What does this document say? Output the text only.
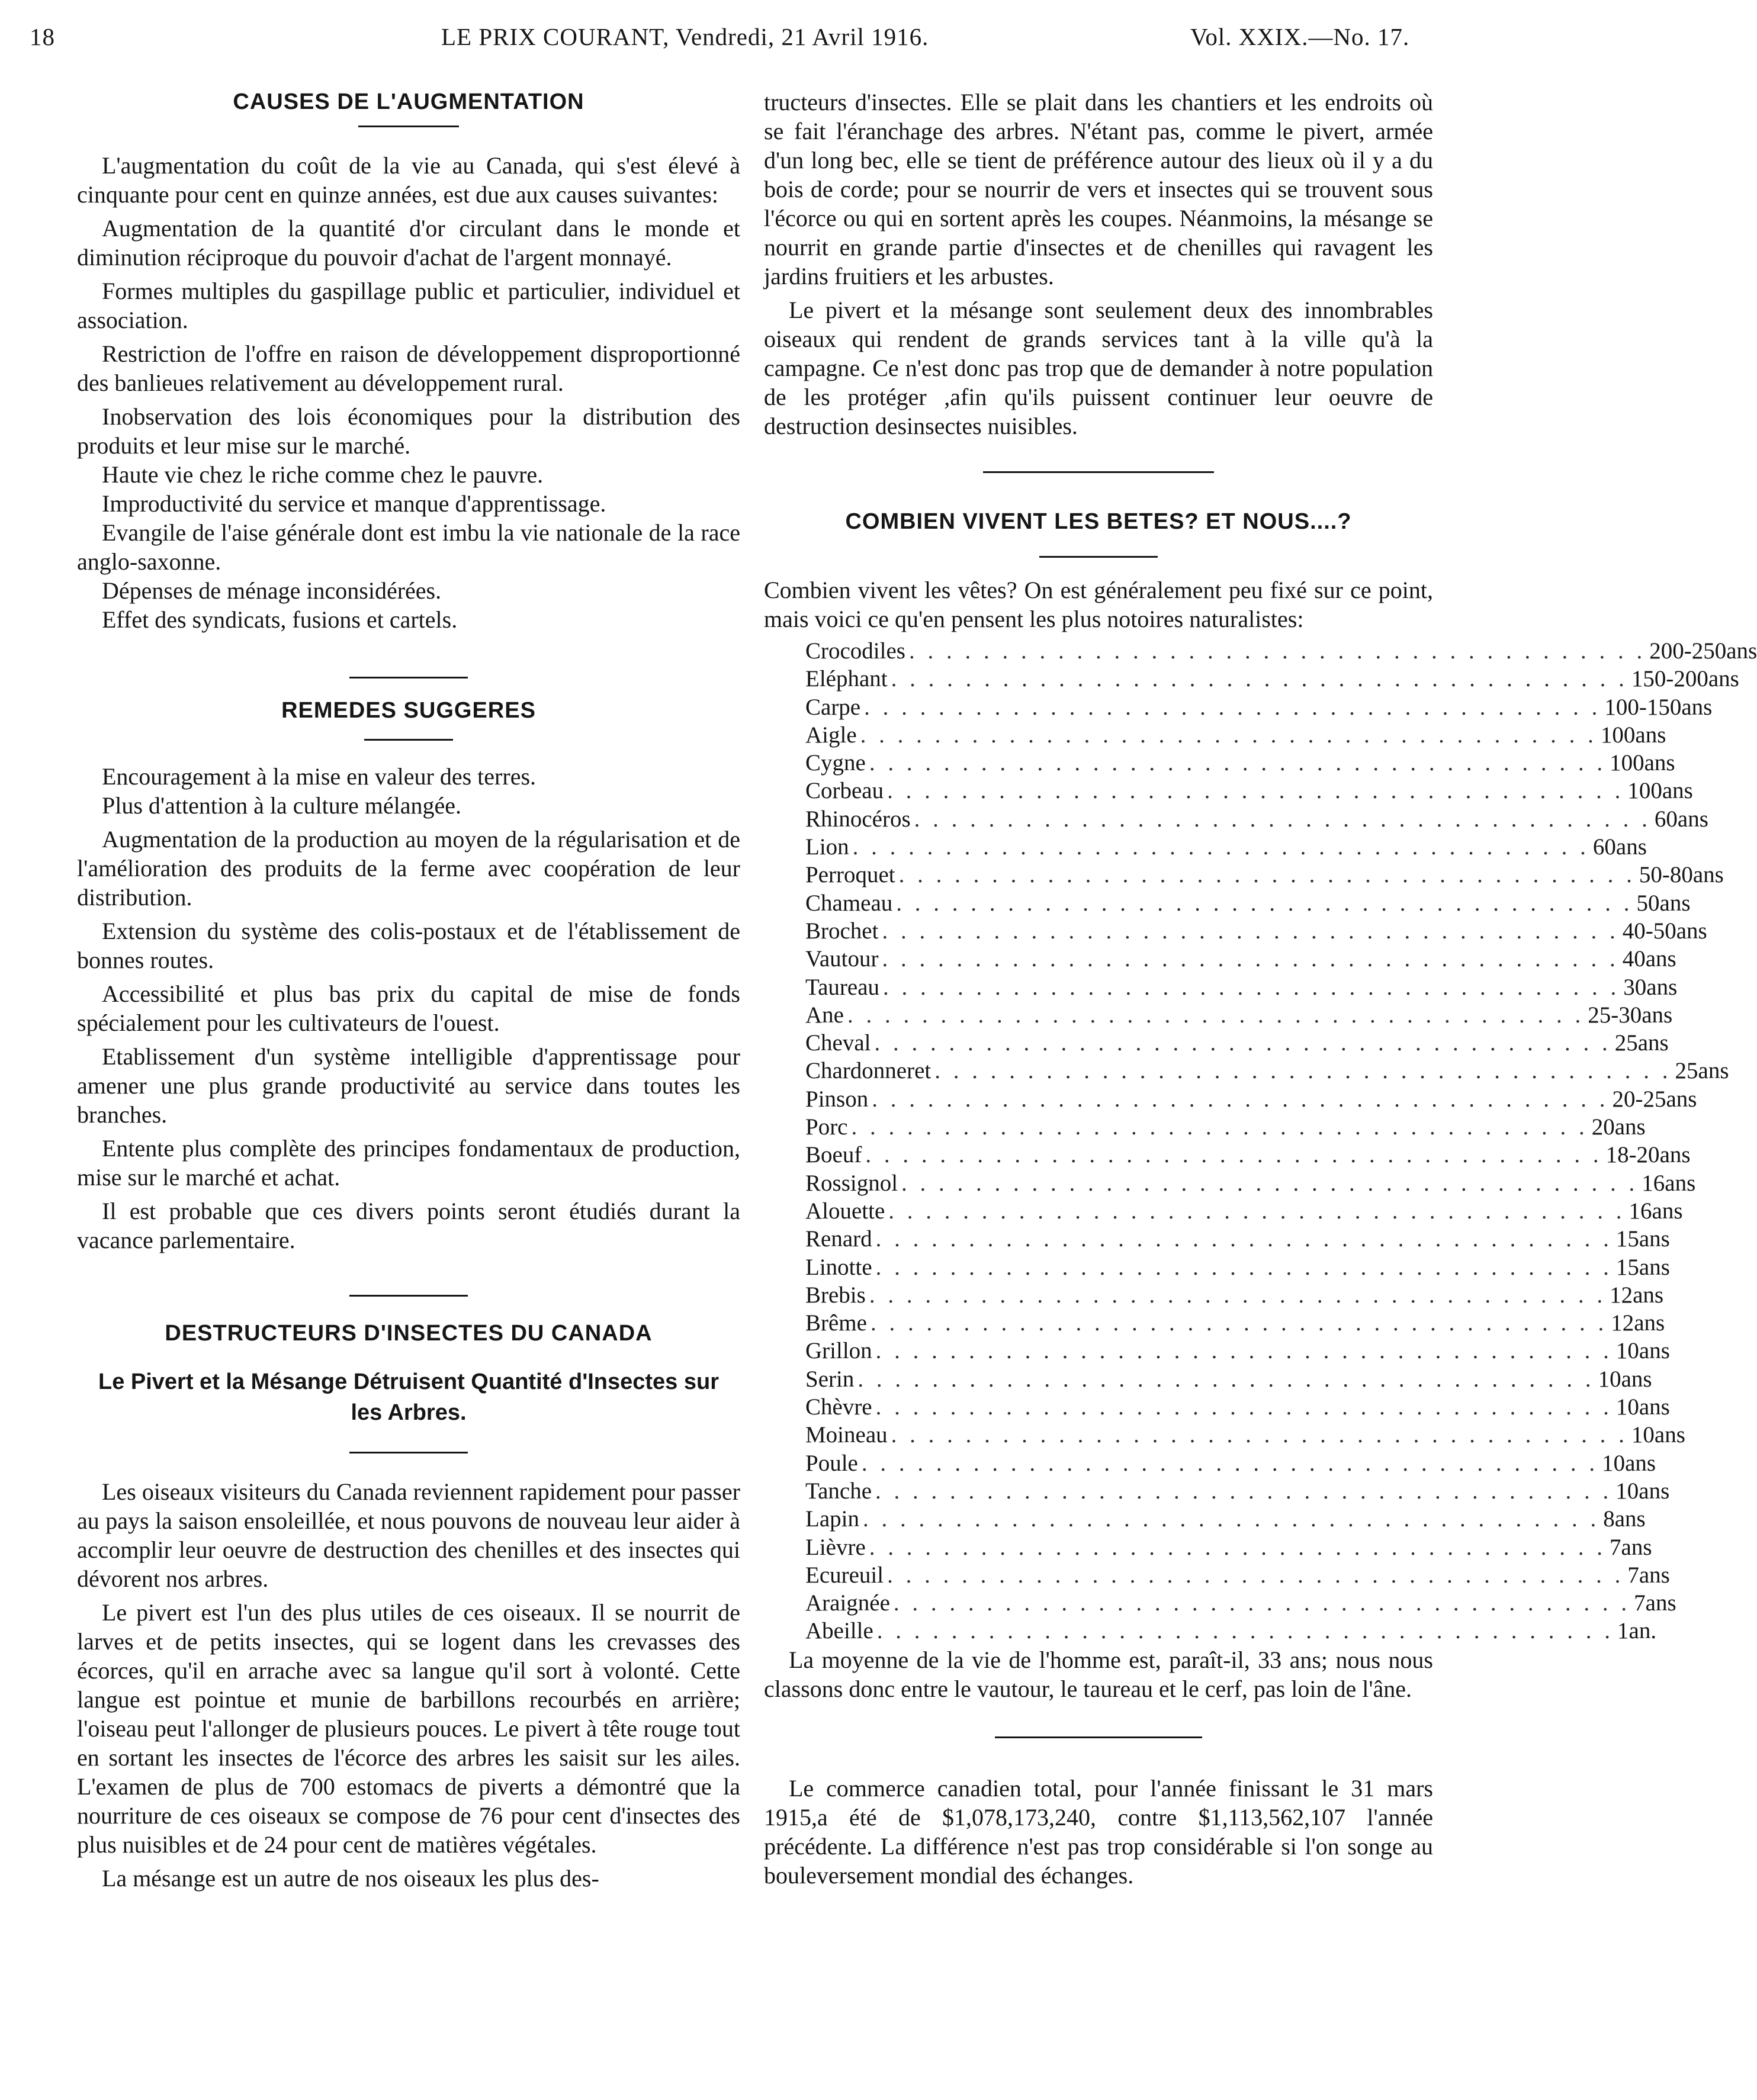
18	LE PRIX COURANT, Vendredi, 21 Avril 1916.	Vol. XXIX.—No. 17.
CAUSES DE L'AUGMENTATION

L'augmentation du coût de la vie au Canada, qui s'est élevé à cinquante pour cent en quinze années, est due aux causes suivantes:

Augmentation de la quantité d'or circulant dans le monde et diminution réciproque du pouvoir d'achat de l'argent monnayé.

Formes multiples du gaspillage public et particulier, individuel et association.

Restriction de l'offre en raison de développement disproportionné des banlieues relativement au développement rural.

Inobservation des lois économiques pour la distribution des produits et leur mise sur le marché.

Haute vie chez le riche comme chez le pauvre.

Improductivité du service et manque d'apprentissage.

Evangile de l'aise générale dont est imbu la vie nationale de la race anglo-saxonne.

Dépenses de ménage inconsidérées.

Effet des syndicats, fusions et cartels.

REMEDES SUGGERES

Encouragement à la mise en valeur des terres.

Plus d'attention à la culture mélangée.

Augmentation de la production au moyen de la régularisation et de l'amélioration des produits de la ferme avec coopération de leur distribution.

Extension du système des colis-postaux et de l'établissement de bonnes routes.

Accessibilité et plus bas prix du capital de mise de fonds spécialement pour les cultivateurs de l'ouest.

Etablissement d'un système intelligible d'apprentissage pour amener une plus grande productivité au service dans toutes les branches.

Entente plus complète des principes fondamentaux de production, mise sur le marché et achat.

Il est probable que ces divers points seront étudiés durant la vacance parlementaire.

DESTRUCTEURS D'INSECTES DU CANADA
Le Pivert et la Mésange Détruisent Quantité d'Insectes sur les Arbres.

Les oiseaux visiteurs du Canada reviennent rapidement pour passer au pays la saison ensoleillée, et nous pouvons de nouveau leur aider à accomplir leur oeuvre de destruction des chenilles et des insectes qui dévorent nos arbres.

Le pivert est l'un des plus utiles de ces oiseaux. Il se nourrit de larves et de petits insectes, qui se logent dans les crevasses des écorces, qu'il en arrache avec sa langue qu'il sort à volonté. Cette langue est pointue et munie de barbillons recourbés en arrière; l'oiseau peut l'allonger de plusieurs pouces. Le pivert à tête rouge tout en sortant les insectes de l'écorce des arbres les saisit sur les ailes. L'examen de plus de 700 estomacs de piverts a démontré que la nourriture de ces oiseaux se compose de 76 pour cent d'insectes des plus nuisibles et de 24 pour cent de matières végétales.

La mésange est un autre de nos oiseaux les plus des-

tructeurs d'insectes. Elle se plait dans les chantiers et les endroits où se fait l'éranchage des arbres. N'étant pas, comme le pivert, armée d'un long bec, elle se tient de préférence autour des lieux où il y a du bois de corde; pour se nourrir de vers et insectes qui se trouvent sous l'écorce ou qui en sortent après les coupes. Néanmoins, la mésange se nourrit en grande partie d'insectes et de chenilles qui ravagent les jardins fruitiers et les arbustes.

Le pivert et la mésange sont seulement deux des innombrables oiseaux qui rendent de grands services tant à la ville qu'à la campagne. Ce n'est donc pas trop que de demander à notre population de les protéger ,afin qu'ils puissent continuer leur oeuvre de destruction desinsectes nuisibles.

COMBIEN VIVENT LES BETES? ET NOUS....?

Combien vivent les vêtes? On est généralement peu fixé sur ce point, mais voici ce qu'en pensent les plus notoires naturalistes:

Crocodiles . . . . . . . . . . . . . . . . . . . . . . . . . . . . . . . . . . . . . . . . 200-250 ans
Eléphant . . . . . . . . . . . . . . . . . . . . . . . . . . . . . . . . . . . . . . . . 150-200 ans
Carpe . . . . . . . . . . . . . . . . . . . . . . . . . . . . . . . . . . . . . . . . 100-150 ans
Aigle . . . . . . . . . . . . . . . . . . . . . . . . . . . . . . . . . . . . . . . . 100 ans
Cygne . . . . . . . . . . . . . . . . . . . . . . . . . . . . . . . . . . . . . . . . 100 ans
Corbeau . . . . . . . . . . . . . . . . . . . . . . . . . . . . . . . . . . . . . . . . 100 ans
Rhinocéros . . . . . . . . . . . . . . . . . . . . . . . . . . . . . . . . . . . . . . . . 60 ans
Lion . . . . . . . . . . . . . . . . . . . . . . . . . . . . . . . . . . . . . . . . 60 ans
Perroquet . . . . . . . . . . . . . . . . . . . . . . . . . . . . . . . . . . . . . . . . 50-80 ans
Chameau . . . . . . . . . . . . . . . . . . . . . . . . . . . . . . . . . . . . . . . . 50 ans
Brochet . . . . . . . . . . . . . . . . . . . . . . . . . . . . . . . . . . . . . . . . 40-50 ans
Vautour . . . . . . . . . . . . . . . . . . . . . . . . . . . . . . . . . . . . . . . . 40 ans
Taureau . . . . . . . . . . . . . . . . . . . . . . . . . . . . . . . . . . . . . . . . 30 ans
Ane . . . . . . . . . . . . . . . . . . . . . . . . . . . . . . . . . . . . . . . . 25-30 ans
Cheval . . . . . . . . . . . . . . . . . . . . . . . . . . . . . . . . . . . . . . . . 25 ans
Chardonneret . . . . . . . . . . . . . . . . . . . . . . . . . . . . . . . . . . . . . . . . 25 ans
Pinson . . . . . . . . . . . . . . . . . . . . . . . . . . . . . . . . . . . . . . . . 20-25 ans
Porc . . . . . . . . . . . . . . . . . . . . . . . . . . . . . . . . . . . . . . . . 20 ans
Boeuf . . . . . . . . . . . . . . . . . . . . . . . . . . . . . . . . . . . . . . . . 18-20 ans
Rossignol . . . . . . . . . . . . . . . . . . . . . . . . . . . . . . . . . . . . . . . . 16 ans
Alouette . . . . . . . . . . . . . . . . . . . . . . . . . . . . . . . . . . . . . . . . 16 ans
Renard . . . . . . . . . . . . . . . . . . . . . . . . . . . . . . . . . . . . . . . . 15 ans
Linotte . . . . . . . . . . . . . . . . . . . . . . . . . . . . . . . . . . . . . . . . 15 ans
Brebis . . . . . . . . . . . . . . . . . . . . . . . . . . . . . . . . . . . . . . . . 12 ans
Brême . . . . . . . . . . . . . . . . . . . . . . . . . . . . . . . . . . . . . . . . 12 ans
Grillon . . . . . . . . . . . . . . . . . . . . . . . . . . . . . . . . . . . . . . . . 10 ans
Serin . . . . . . . . . . . . . . . . . . . . . . . . . . . . . . . . . . . . . . . . 10 ans
Chèvre . . . . . . . . . . . . . . . . . . . . . . . . . . . . . . . . . . . . . . . . 10 ans
Moineau . . . . . . . . . . . . . . . . . . . . . . . . . . . . . . . . . . . . . . . . 10 ans
Poule . . . . . . . . . . . . . . . . . . . . . . . . . . . . . . . . . . . . . . . . 10 ans
Tanche . . . . . . . . . . . . . . . . . . . . . . . . . . . . . . . . . . . . . . . . 10 ans
Lapin . . . . . . . . . . . . . . . . . . . . . . . . . . . . . . . . . . . . . . . . 8 ans
Lièvre . . . . . . . . . . . . . . . . . . . . . . . . . . . . . . . . . . . . . . . . 7 ans
Ecureuil . . . . . . . . . . . . . . . . . . . . . . . . . . . . . . . . . . . . . . . . 7 ans
Araignée . . . . . . . . . . . . . . . . . . . . . . . . . . . . . . . . . . . . . . . . 7 ans
Abeille . . . . . . . . . . . . . . . . . . . . . . . . . . . . . . . . . . . . . . . . 1 an.

La moyenne de la vie de l'homme est, paraît-il, 33 ans; nous nous classons donc entre le vautour, le taureau et le cerf, pas loin de l'âne.

Le commerce canadien total, pour l'année finissant le 31 mars 1915,a été de $1,078,173,240, contre $1,113,562,107 l'année précédente. La différence n'est pas trop considérable si l'on songe au bouleversement mondial des échanges.
